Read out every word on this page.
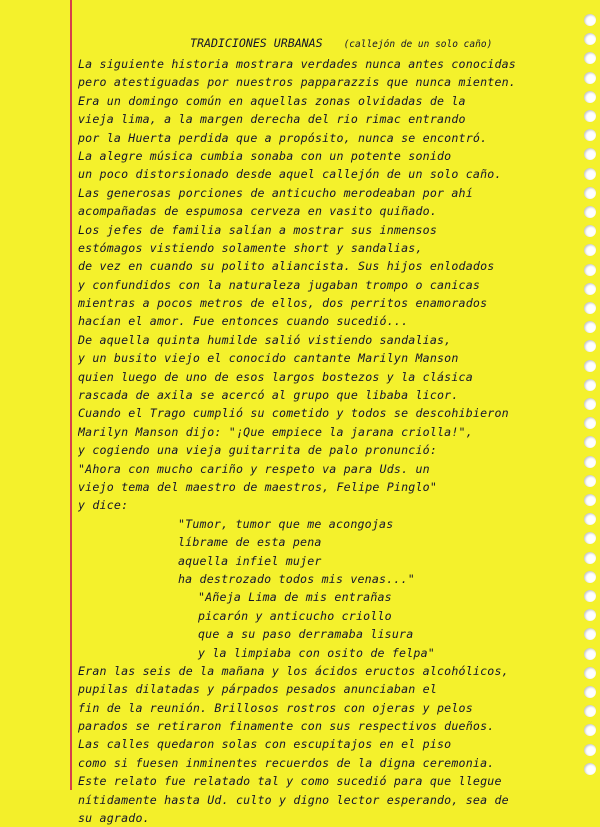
TRADICIONES URBANAS (callejón de un solo caño)
La siguiente historia mostrara verdades nunca antes conocidas
pero atestiguadas por nuestros papparazzis que nunca mienten.
Era un domingo común en aquellas zonas olvidadas de la
vieja lima, a la margen derecha del rio rimac entrando
por la Huerta perdida que a propósito, nunca se encontró.
La alegre música cumbia sonaba con un potente sonido
un poco distorsionado desde aquel callejón de un solo caño.
Las generosas porciones de anticucho merodeaban por ahí
acompañadas de espumosa cerveza en vasito quiñado.
Los jefes de familia salían a mostrar sus inmensos
estómagos vistiendo solamente short y sandalias,
de vez en cuando su polito aliancista. Sus hijos enlodados
y confundidos con la naturaleza jugaban trompo o canicas
mientras a pocos metros de ellos, dos perritos enamorados
hacían el amor. Fue entonces cuando sucedió...
De aquella quinta humilde salió vistiendo sandalias,
y un busito viejo el conocido cantante Marilyn Manson
quien luego de uno de esos largos bostezos y la clásica
rascada de axila se acercó al grupo que libaba licor.
Cuando el Trago cumplió su cometido y todos se descohibieron
Marilyn Manson dijo: "¡Que empiece la jarana criolla!",
y cogiendo una vieja guitarrita de palo pronunció:
"Ahora con mucho cariño y respeto va para Uds. un
viejo tema del maestro de maestros, Felipe Pinglo"
y dice:
"Tumor, tumor que me acongojas
líbrame de esta pena
aquella infiel mujer
ha destrozado todos mis venas..."
"Añeja Lima de mis entrañas
picarón y anticucho criollo
que a su paso derramaba lisura
y la limpiaba con osito de felpa"
Eran las seis de la mañana y los ácidos eructos alcohólicos,
pupilas dilatadas y párpados pesados anunciaban el
fin de la reunión. Brillosos rostros con ojeras y pelos
parados se retiraron finamente con sus respectivos dueños.
Las calles quedaron solas con escupitajos en el piso
como si fuesen inminentes recuerdos de la digna ceremonia.
Este relato fue relatado tal y como sucedió para que llegue
nítidamente hasta Ud. culto y digno lector esperando, sea de
su agrado.
